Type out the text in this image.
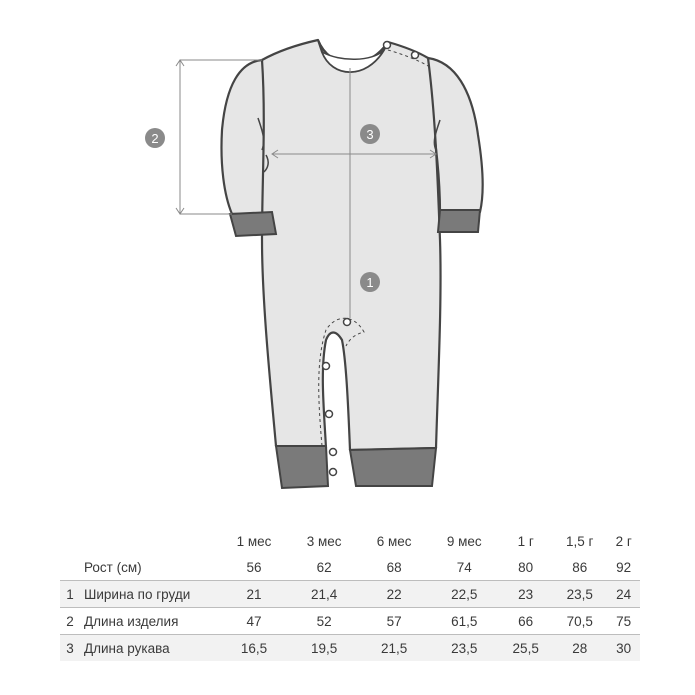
2	3
1
		1 мес	3 мес	6 мес	9 мес	1 г	1,5 г	2 г
	Рост (см)	56	62	68	74	80	86	92
1	Ширина по груди	21	21,4	22	22,5	23	23,5	24
2	Длина изделия	47	52	57	61,5	66	70,5	75
3	Длина рукава	16,5	19,5	21,5	23,5	25,5	28	30
